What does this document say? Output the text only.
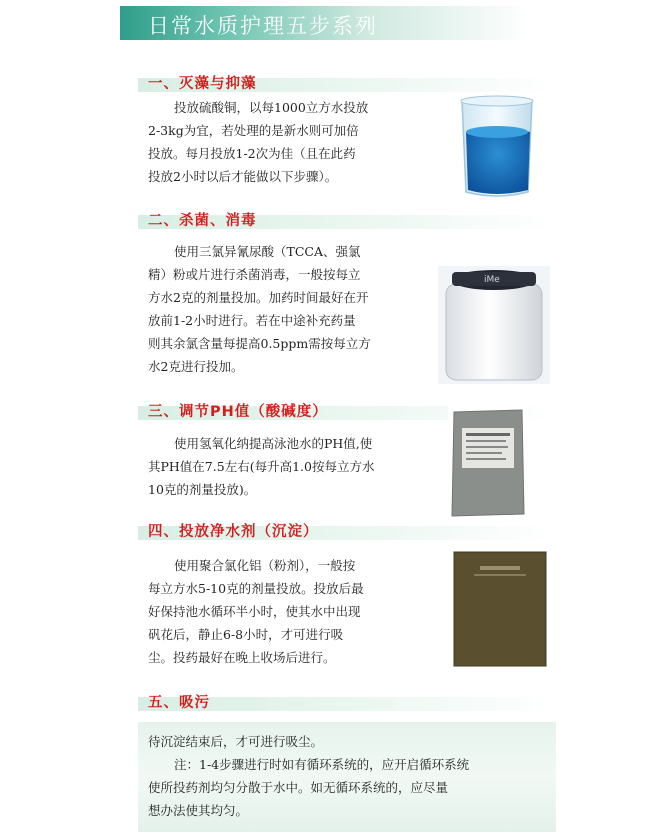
日常水质护理五步系列
一、灭藻与抑藻
投放硫酸铜，以每1000立方水投放
2-3kg为宜，若处理的是新水则可加倍
投放。每月投放1-2次为佳（且在此药
投放2小时以后才能做以下步骤）。
二、杀菌、消毒
使用三氯异氰尿酸（TCCA、强氯
精）粉或片进行杀菌消毒，一般按每立
方水2克的剂量投加。加药时间最好在开
放前1-2小时进行。若在中途补充药量
则其余氯含量每提高0.5ppm需按每立方
水2克进行投加。
iMe
三、调节PH值（酸碱度）
使用氢氧化纳提高泳池水的PH值,使
其PH值在7.5左右(每升高1.0按每立方水
10克的剂量投放)。
四、投放净水剂（沉淀）
使用聚合氯化铝（粉剂），一般按
每立方水5-10克的剂量投放。投放后最
好保持池水循环半小时，使其水中出现
矾花后，静止6-8小时，才可进行吸
尘。投药最好在晚上收场后进行。
五、吸污
待沉淀结束后，才可进行吸尘。
注：1-4步骤进行时如有循环系统的，应开启循环系统
使所投药剂均匀分散于水中。如无循环系统的，应尽量
想办法使其均匀。
